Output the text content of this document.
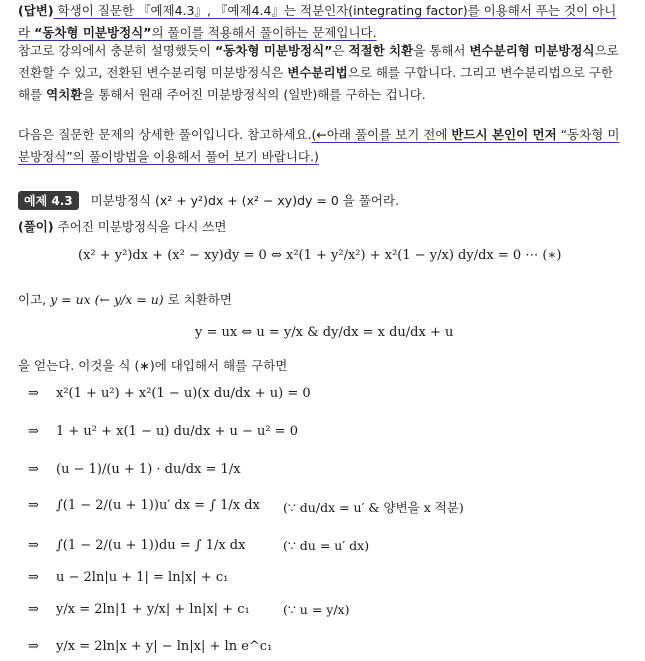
(답변) 학생이 질문한 『예제4.3』, 『예제4.4』는 적분인자(integrating factor)를 이용해서 푸는 것이 아니라 “동차형 미분방정식”의 풀이를 적용해서 풀이하는 문제입니다.
참고로 강의에서 충분히 설명했듯이 “동차형 미분방정식”은 적절한 치환을 통해서 변수분리형 미분방정식으로 전환할 수 있고, 전환된 변수분리형 미분방정식은 변수분리법으로 해를 구합니다. 그리고 변수분리법으로 구한 해를 역치환을 통해서 원래 주어진 미분방정식의 (일반)해를 구하는 겁니다.
다음은 질문한 문제의 상세한 풀이입니다. 참고하세요.(←아래 풀이를 보기 전에 반드시 본인이 먼저 “동차형 미분방정식”의 풀이방법을 이용해서 풀어 보기 바랍니다.)
예제 4.3 미분방정식 (x² + y²)dx + (x² − xy)dy = 0 을 풀어라.
(풀이) 주어진 미분방정식을 다시 쓰면
(x² + y²)dx + (x² − xy)dy = 0 ⇔ x²(1 + y²/x²) + x²(1 − y/x) dy/dx = 0 ⋯ (∗)
이고, y = ux (← y/x = u) 로 치환하면
y = ux ⇔ u = y/x & dy/dx = x du/dx + u
을 얻는다. 이것을 식 (∗)에 대입해서 해를 구하면
⇒ x²(1 + u²) + x²(1 − u)(x du/dx + u) = 0
⇒ 1 + u² + x(1 − u) du/dx + u − u² = 0
⇒ (u − 1)/(u + 1) · du/dx = 1/x
⇒ ∫(1 − 2/(u + 1))u′ dx = ∫ 1/x dx (∵ du/dx = u′ & 양변을 x 적분)
⇒ ∫(1 − 2/(u + 1))du = ∫ 1/x dx	(∵ du = u′ dx)
⇒ u − 2ln|u + 1| = ln|x| + c₁
⇒ y/x = 2ln|1 + y/x| + ln|x| + c₁	(∵ u = y/x)
⇒ y/x = 2ln|x + y| − ln|x| + ln e^c₁
